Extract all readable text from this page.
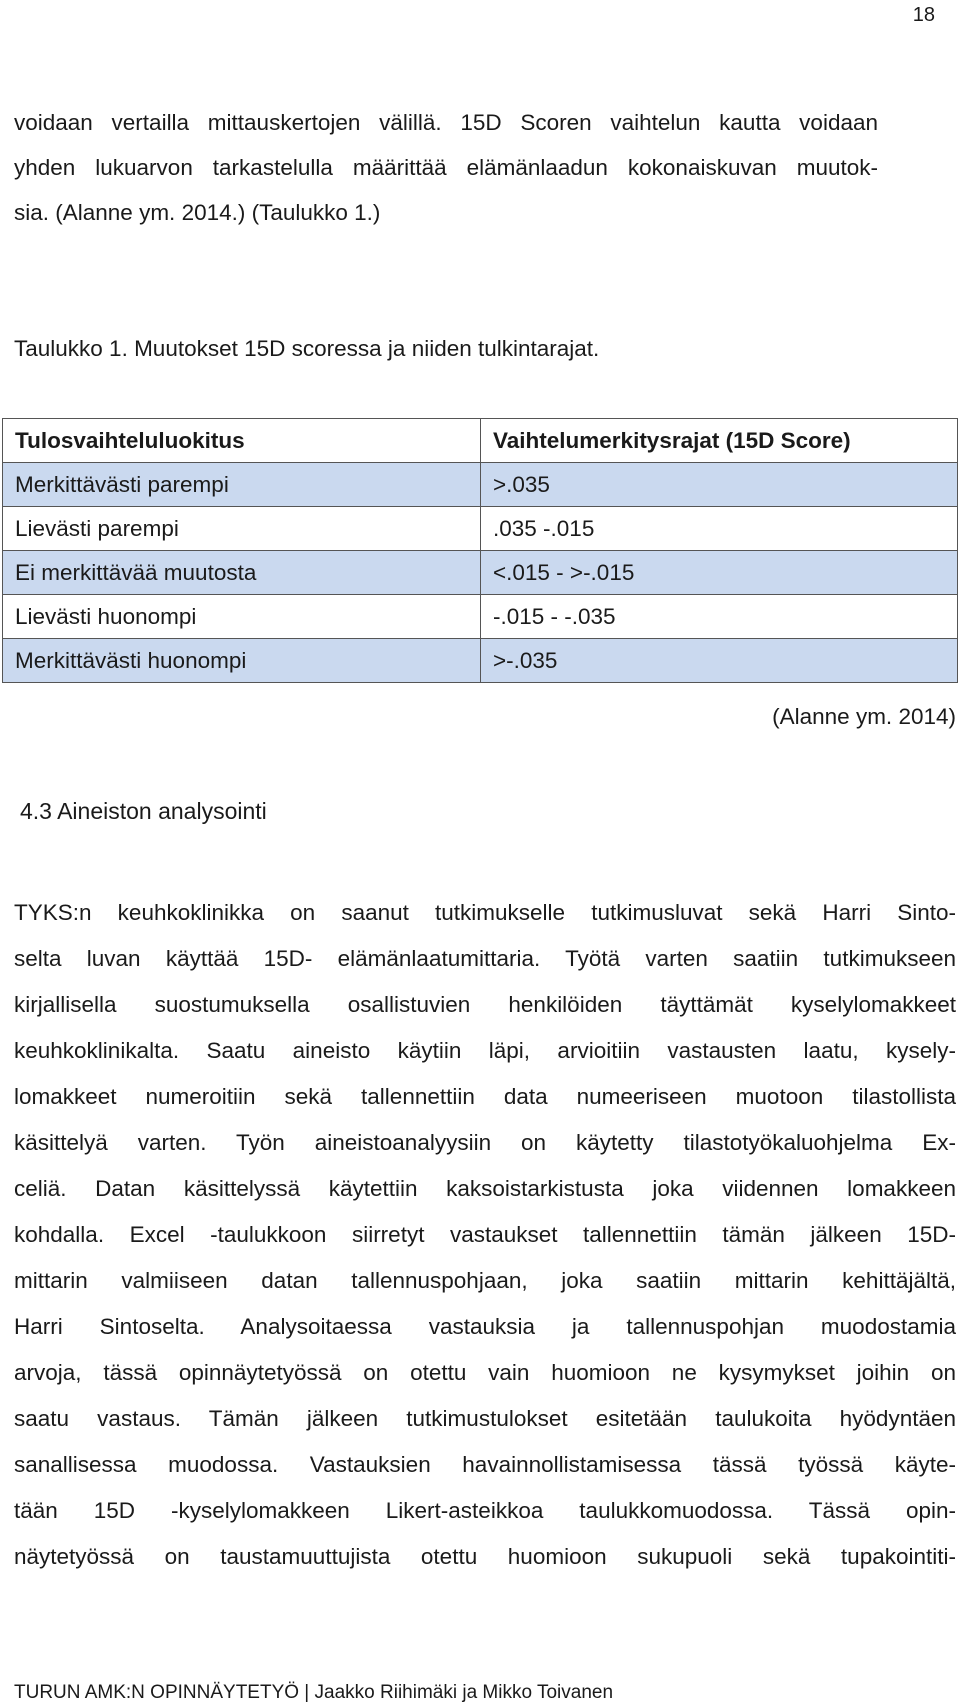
18
voidaan vertailla mittauskertojen välillä. 15D Scoren vaihtelun kautta voidaan
yhden lukuarvon tarkastelulla määrittää elämänlaadun kokonaiskuvan muutok-
sia. (Alanne ym. 2014.) (Taulukko 1.)

Taulukko 1. Muutokset 15D scoressa ja niiden tulkintarajat.

Tulosvaihteluluokitus	Vaihtelumerkitysrajat (15D Score)
Merkittävästi parempi	>.035
Lievästi parempi	.035 -.015
Ei merkittävää muutosta	<.015 - >-.015
Lievästi huonompi	-.015 - -.035
Merkittävästi huonompi	>-.035
(Alanne ym. 2014)
4.3 Aineiston analysointi
TYKS:n keuhkoklinikka on saanut tutkimukselle tutkimusluvat sekä Harri Sinto-
selta luvan käyttää 15D- elämänlaatumittaria. Työtä varten saatiin tutkimukseen
kirjallisella suostumuksella osallistuvien henkilöiden täyttämät kyselylomakkeet
keuhkoklinikalta. Saatu aineisto käytiin läpi, arvioitiin vastausten laatu, kysely-
lomakkeet numeroitiin sekä tallennettiin data numeeriseen muotoon tilastollista
käsittelyä varten. Työn aineistoanalyysiin on käytetty tilastotyökaluohjelma Ex-
celiä. Datan käsittelyssä käytettiin kaksoistarkistusta joka viidennen lomakkeen
kohdalla. Excel -taulukkoon siirretyt vastaukset tallennettiin tämän jälkeen 15D-
mittarin valmiiseen datan tallennuspohjaan, joka saatiin mittarin kehittäjältä,
Harri Sintoselta. Analysoitaessa vastauksia ja tallennuspohjan muodostamia
arvoja, tässä opinnäytetyössä on otettu vain huomioon ne kysymykset joihin on
saatu vastaus. Tämän jälkeen tutkimustulokset esitetään taulukoita hyödyntäen
sanallisessa muodossa. Vastauksien havainnollistamisessa tässä työssä käyte-
tään 15D -kyselylomakkeen Likert-asteikkoa taulukkomuodossa. Tässä opin-
näytetyössä on taustamuuttujista otettu huomioon sukupuoli sekä tupakointiti-
TURUN AMK:N OPINNÄYTETYÖ | Jaakko Riihimäki ja Mikko Toivanen
